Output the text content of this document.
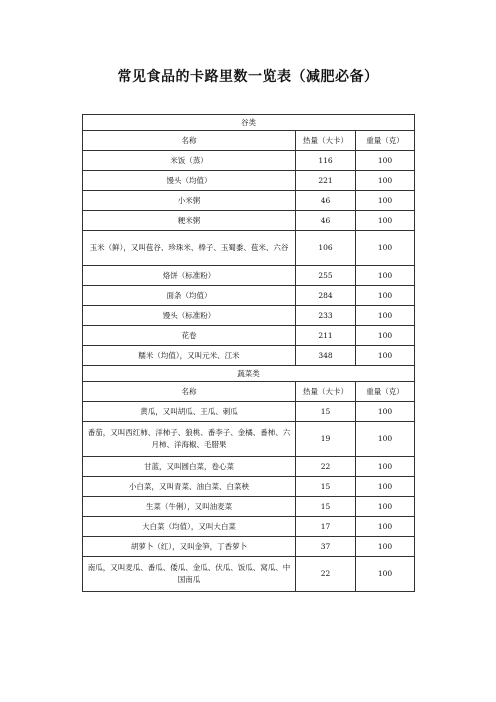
常见食品的卡路里数一览表（减肥必备）
谷类		
名称	热量（大卡）	重量（克）
米饭（蒸）	116	100
馒头（均值）	221	100
小米粥	46	100
粳米粥	46	100
玉米（鲜），又叫苞谷、珍珠米、棒子、玉蜀黍、苞米、六谷	106	100
烙饼（标准粉）	255	100
面条（均值）	284	100
馒头（标准粉）	233	100
花卷	211	100
糯米（均值），又叫元米、江米	348	100
蔬菜类		
名称	热量（大卡）	重量（克）
黄瓜，又叫胡瓜、王瓜、刺瓜	15	100
番茄，又叫西红柿、洋柿子、狼桃、番李子、金橘、番柿、六月柿、洋海椒、毛腊果	19	100
甘蓝，又叫圆白菜，卷心菜	22	100
小白菜，又叫青菜、油白菜、白菜秧	15	100
生菜（牛俐），又叫油麦菜	15	100
大白菜（均值），又叫大白菜	17	100
胡萝卜（红），又叫金笋，丁香萝卜	37	100
南瓜，又叫麦瓜、番瓜、倭瓜、金瓜、伏瓜、饭瓜、窝瓜、中国南瓜	22	100
